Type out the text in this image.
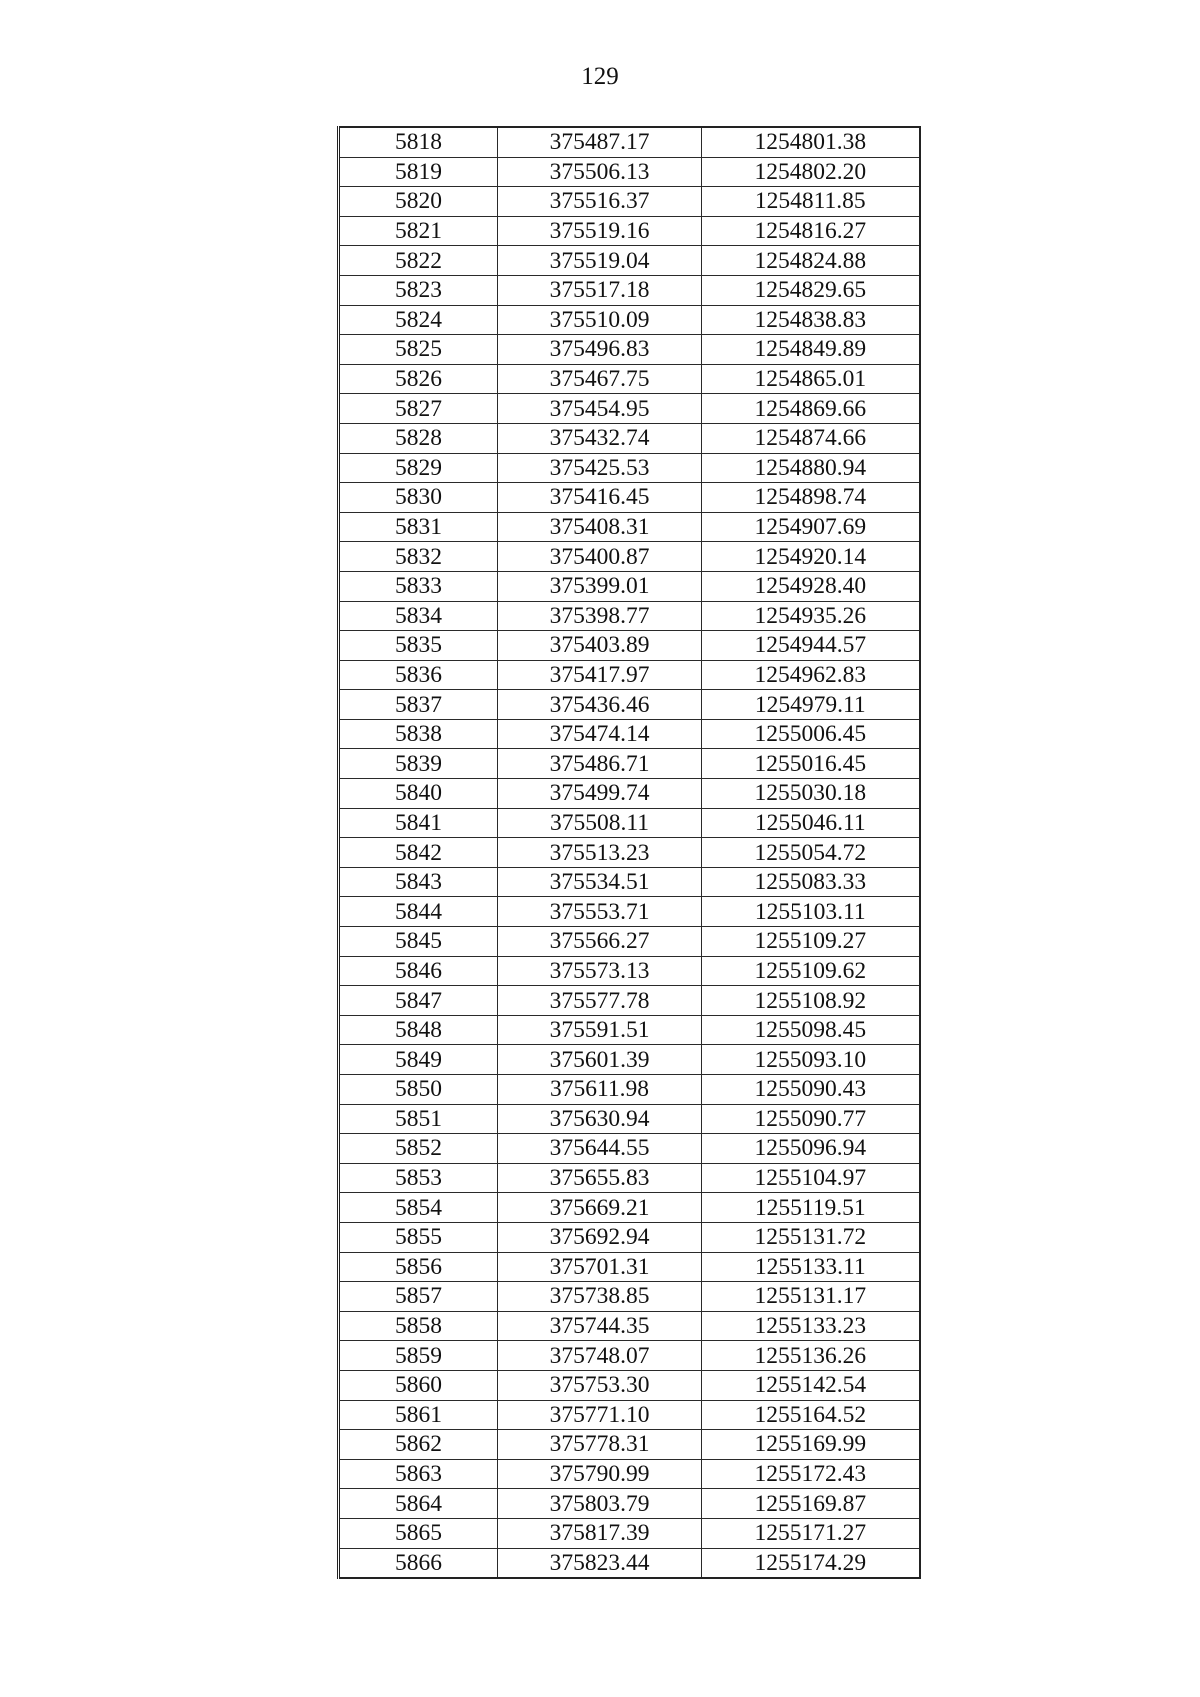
129
5818	375487.17	1254801.38
5819	375506.13	1254802.20
5820	375516.37	1254811.85
5821	375519.16	1254816.27
5822	375519.04	1254824.88
5823	375517.18	1254829.65
5824	375510.09	1254838.83
5825	375496.83	1254849.89
5826	375467.75	1254865.01
5827	375454.95	1254869.66
5828	375432.74	1254874.66
5829	375425.53	1254880.94
5830	375416.45	1254898.74
5831	375408.31	1254907.69
5832	375400.87	1254920.14
5833	375399.01	1254928.40
5834	375398.77	1254935.26
5835	375403.89	1254944.57
5836	375417.97	1254962.83
5837	375436.46	1254979.11
5838	375474.14	1255006.45
5839	375486.71	1255016.45
5840	375499.74	1255030.18
5841	375508.11	1255046.11
5842	375513.23	1255054.72
5843	375534.51	1255083.33
5844	375553.71	1255103.11
5845	375566.27	1255109.27
5846	375573.13	1255109.62
5847	375577.78	1255108.92
5848	375591.51	1255098.45
5849	375601.39	1255093.10
5850	375611.98	1255090.43
5851	375630.94	1255090.77
5852	375644.55	1255096.94
5853	375655.83	1255104.97
5854	375669.21	1255119.51
5855	375692.94	1255131.72
5856	375701.31	1255133.11
5857	375738.85	1255131.17
5858	375744.35	1255133.23
5859	375748.07	1255136.26
5860	375753.30	1255142.54
5861	375771.10	1255164.52
5862	375778.31	1255169.99
5863	375790.99	1255172.43
5864	375803.79	1255169.87
5865	375817.39	1255171.27
5866	375823.44	1255174.29
